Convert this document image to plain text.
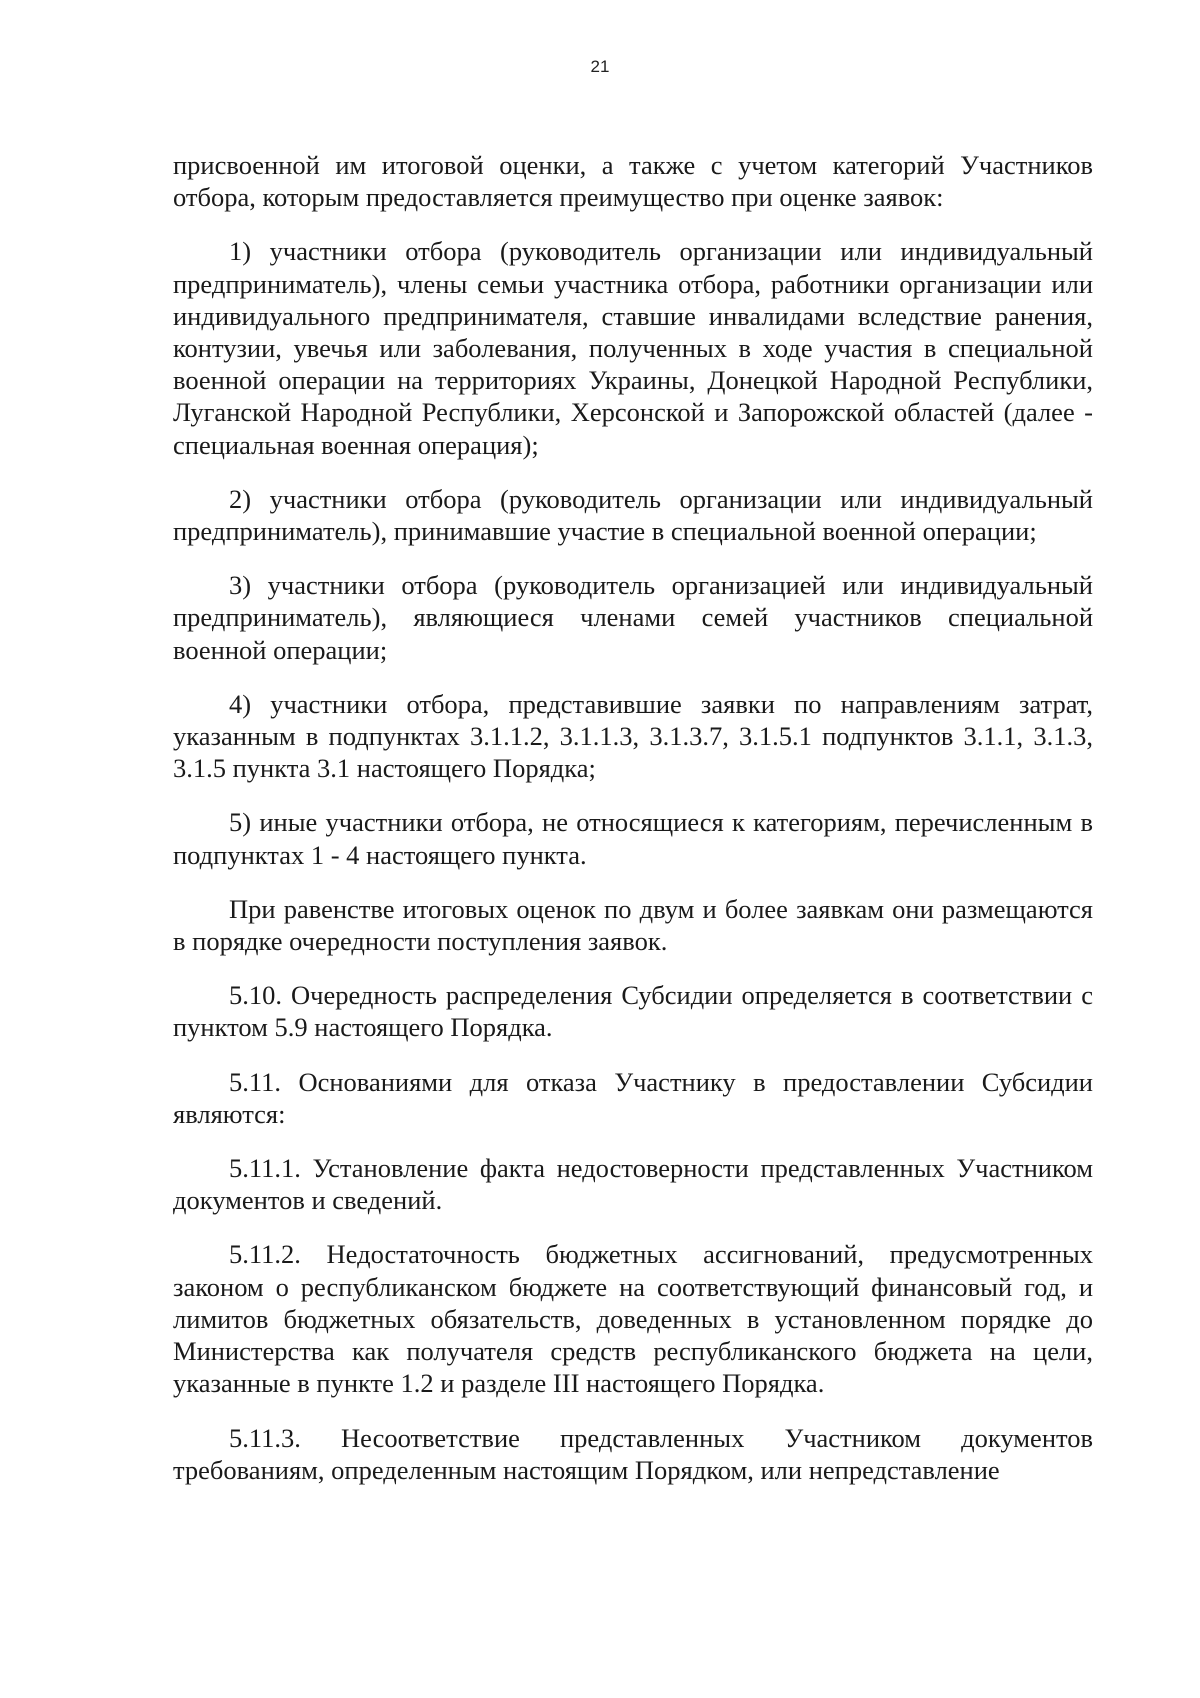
21

присвоенной им итоговой оценки, а также с учетом категорий Участников отбора, которым предоставляется преимущество при оценке заявок:

1) участники отбора (руководитель организации или индивидуальный предприниматель), члены семьи участника отбора, работники организации или индивидуального предпринимателя, ставшие инвалидами вследствие ранения, контузии, увечья или заболевания, полученных в ходе участия в специальной военной операции на территориях Украины, Донецкой Народной Республики, Луганской Народной Республики, Херсонской и Запорожской областей (далее - специальная военная операция);

2) участники отбора (руководитель организации или индивидуальный предприниматель), принимавшие участие в специальной военной операции;

3) участники отбора (руководитель организацией или индивидуальный предприниматель), являющиеся членами семей участников специальной военной операции;

4) участники отбора, представившие заявки по направлениям затрат, указанным в подпунктах 3.1.1.2, 3.1.1.3, 3.1.3.7, 3.1.5.1 подпунктов 3.1.1, 3.1.3, 3.1.5 пункта 3.1 настоящего Порядка;

5) иные участники отбора, не относящиеся к категориям, перечисленным в подпунктах 1 - 4 настоящего пункта.

При равенстве итоговых оценок по двум и более заявкам они размещаются в порядке очередности поступления заявок.

5.10. Очередность распределения Субсидии определяется в соответствии с пунктом 5.9 настоящего Порядка.

5.11. Основаниями для отказа Участнику в предоставлении Субсидии являются:

5.11.1. Установление факта недостоверности представленных Участником документов и сведений.

5.11.2. Недостаточность бюджетных ассигнований, предусмотренных законом о республиканском бюджете на соответствующий финансовый год, и лимитов бюджетных обязательств, доведенных в установленном порядке до Министерства как получателя средств республиканского бюджета на цели, указанные в пункте 1.2 и разделе III настоящего Порядка.

5.11.3. Несоответствие представленных Участником документов требованиям, определенным настоящим Порядком, или непредставление
